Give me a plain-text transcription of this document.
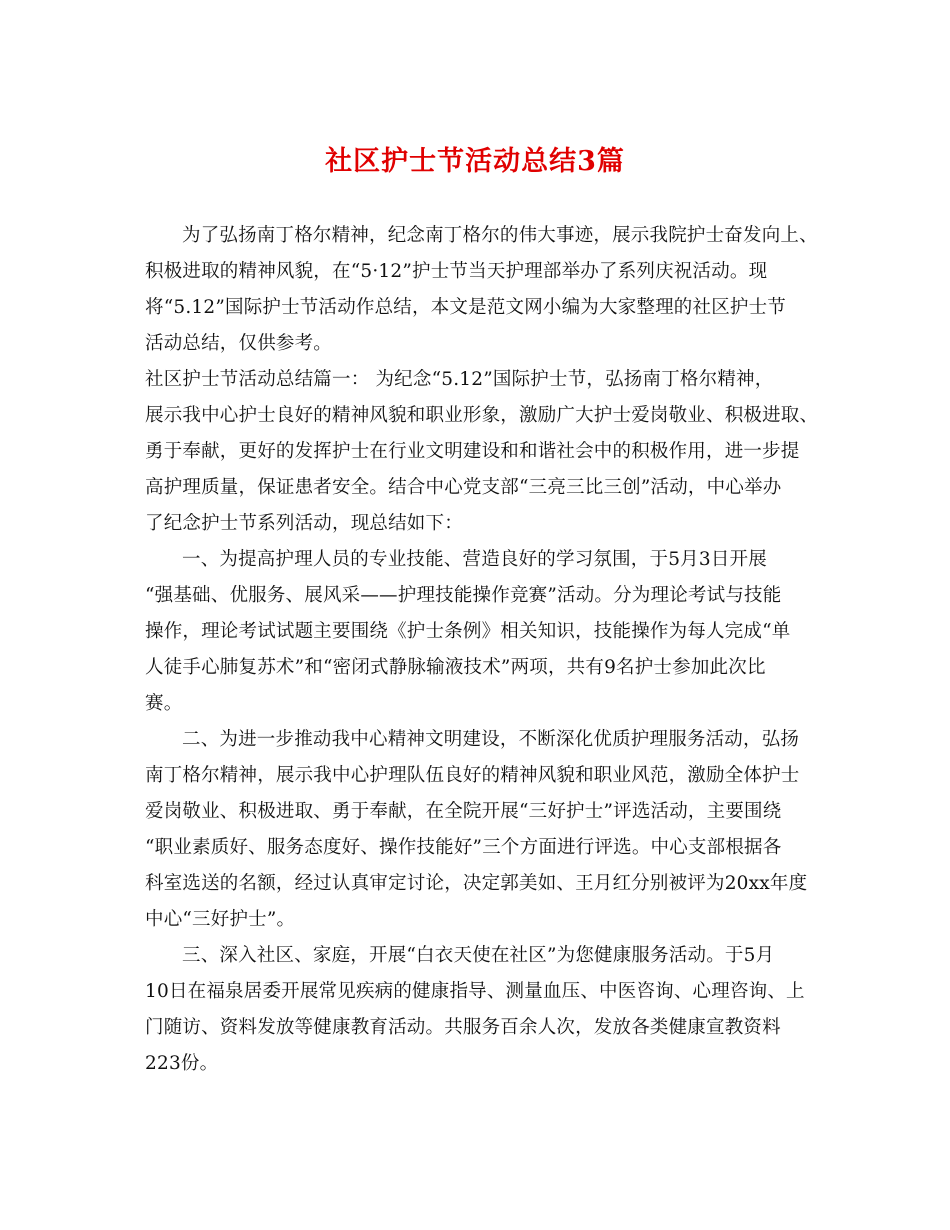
社区护士节活动总结3篇
为了弘扬南丁格尔精神，纪念南丁格尔的伟大事迹，展示我院护士奋发向上、
积极进取的精神风貌，在“5·12”护士节当天护理部举办了系列庆祝活动。现
将“5.12”国际护士节活动作总结，本文是范文网小编为大家整理的社区护士节
活动总结，仅供参考。
社区护士节活动总结篇一： 为纪念“5.12”国际护士节，弘扬南丁格尔精神，
展示我中心护士良好的精神风貌和职业形象，激励广大护士爱岗敬业、积极进取、
勇于奉献，更好的发挥护士在行业文明建设和和谐社会中的积极作用，进一步提
高护理质量，保证患者安全。结合中心党支部“三亮三比三创”活动，中心举办
了纪念护士节系列活动，现总结如下：
一、为提高护理人员的专业技能、营造良好的学习氛围，于5月3日开展
“强基础、优服务、展风采——护理技能操作竞赛”活动。分为理论考试与技能
操作，理论考试试题主要围绕《护士条例》相关知识，技能操作为每人完成“单
人徒手心肺复苏术”和“密闭式静脉输液技术”两项，共有9名护士参加此次比
赛。
二、为进一步推动我中心精神文明建设，不断深化优质护理服务活动，弘扬
南丁格尔精神，展示我中心护理队伍良好的精神风貌和职业风范，激励全体护士
爱岗敬业、积极进取、勇于奉献，在全院开展“三好护士”评选活动，主要围绕
“职业素质好、服务态度好、操作技能好”三个方面进行评选。中心支部根据各
科室选送的名额，经过认真审定讨论，决定郭美如、王月红分别被评为20xx年度
中心“三好护士”。
三、深入社区、家庭，开展“白衣天使在社区”为您健康服务活动。于5月
10日在福泉居委开展常见疾病的健康指导、测量血压、中医咨询、心理咨询、上
门随访、资料发放等健康教育活动。共服务百余人次，发放各类健康宣教资料
223份。
